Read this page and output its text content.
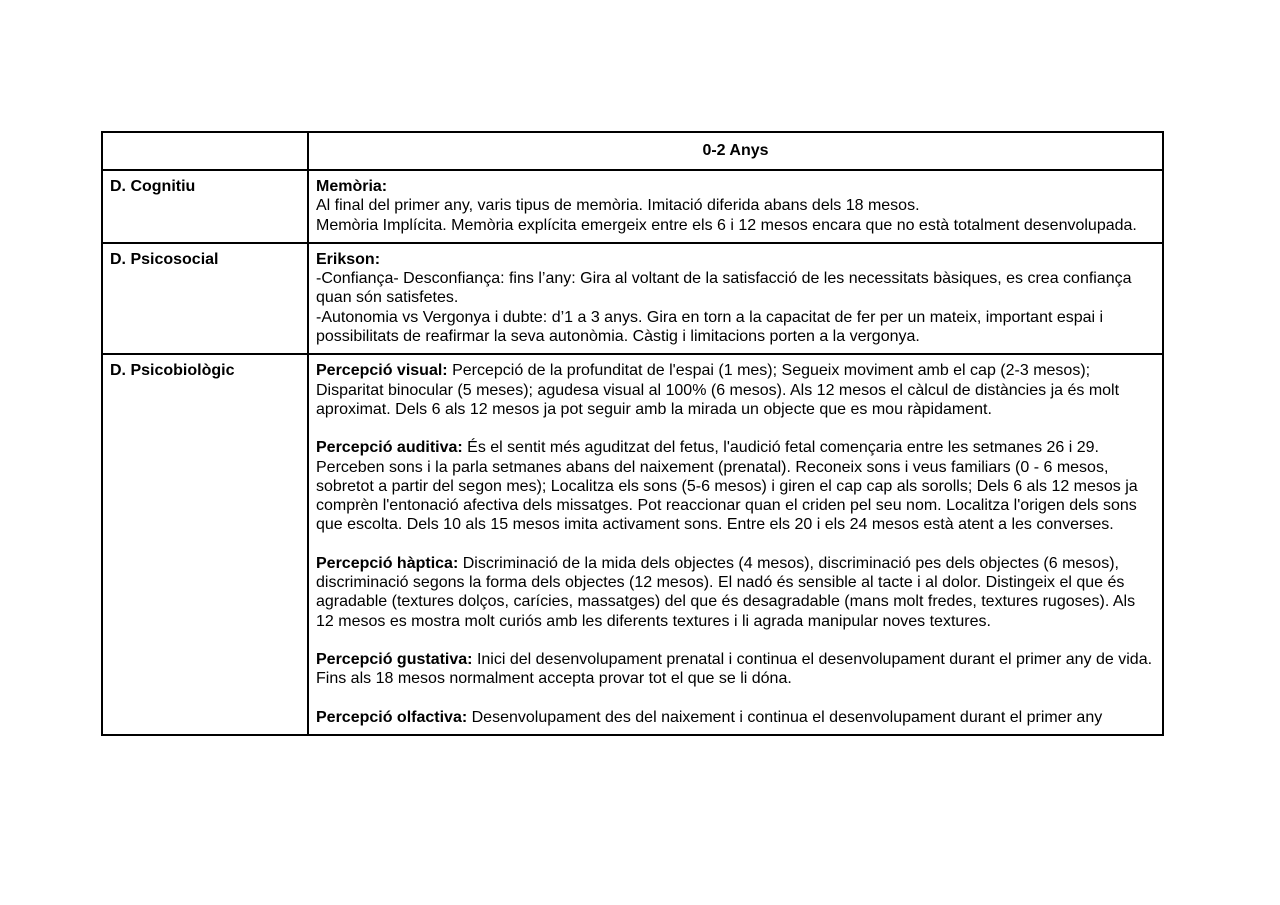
	0-2 Anys

D. Cognitiu	Memòria:
Al final del primer any, varis tipus de memòria. Imitació diferida abans dels 18 mesos.
Memòria Implícita. Memòria explícita emergeix entre els 6 i 12 mesos encara que no està totalment desenvolupada.

D. Psicosocial	Erikson:
-Confiança- Desconfiança: fins l’any: Gira al voltant de la satisfacció de les necessitats bàsiques, es crea confiança quan són satisfetes.
-Autonomia vs Vergonya i dubte: d’1 a 3 anys. Gira en torn a la capacitat de fer per un mateix, important espai i possibilitats de reafirmar la seva autonòmia. Càstig i limitacions porten a la vergonya.

D. Psicobiològic	Percepció visual: Percepció de la profunditat de l'espai (1 mes); Segueix moviment amb el cap (2-3 mesos); Disparitat binocular (5 meses); agudesa visual al 100% (6 mesos). Als 12 mesos el càlcul de distàncies ja és molt aproximat. Dels 6 als 12 mesos ja pot seguir amb la mirada un objecte que es mou ràpidament.
Percepció auditiva: És el sentit més aguditzat del fetus, l'audició fetal començaria entre les setmanes 26 i 29. Perceben sons i la parla setmanes abans del naixement (prenatal). Reconeix sons i veus familiars (0 - 6 mesos, sobretot a partir del segon mes); Localitza els sons (5-6 mesos) i giren el cap cap als sorolls; Dels 6 als 12 mesos ja comprèn l'entonació afectiva dels missatges. Pot reaccionar quan el criden pel seu nom. Localitza l'origen dels sons que escolta. Dels 10 als 15 mesos imita activament sons. Entre els 20 i els 24 mesos està atent a les converses.
Percepció hàptica: Discriminació de la mida dels objectes (4 mesos), discriminació pes dels objectes (6 mesos), discriminació segons la forma dels objectes (12 mesos). El nadó és sensible al tacte i al dolor. Distingeix el que és agradable (textures dolços, carícies, massatges) del que és desagradable (mans molt fredes, textures rugoses). Als 12 mesos es mostra molt curiós amb les diferents textures i li agrada manipular noves textures.
Percepció gustativa: Inici del desenvolupament prenatal i continua el desenvolupament durant el primer any de vida. Fins als 18 mesos normalment accepta provar tot el que se li dóna.
Percepció olfactiva: Desenvolupament des del naixement i continua el desenvolupament durant el primer any
